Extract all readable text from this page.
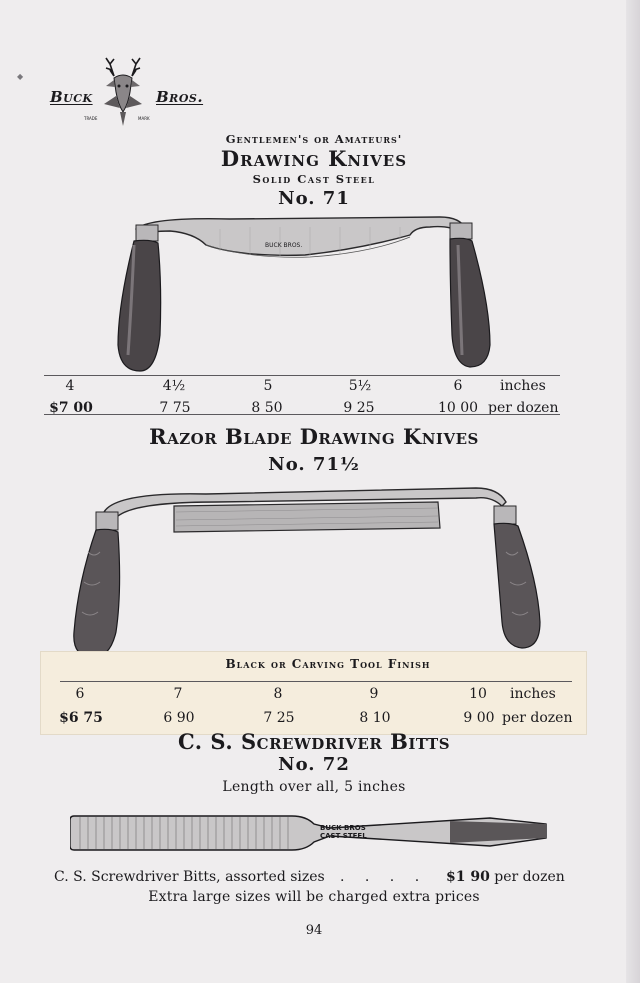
◆
Buck	Bros.
TRADE	MARK
Gentlemen's or Amateurs'
Drawing Knives
Solid Cast Steel
No. 71
BUCK BROS.
4	4½	5	5½	6	inches
$7 00	7 75	8 50	9 25	10 00 per dozen
Razor Blade Drawing Knives
No. 71½
Black or Carving Tool Finish
6	7	8	9	10	inches
$6 75	6 90	7 25	8 10	9 00 per dozen
C. S. Screwdriver Bitts
No. 72
Length over all, 5 inches
BUCK BROS
CAST STEEL
C. S. Screwdriver Bitts, assorted sizes . . . . $1 90 per dozen
Extra large sizes will be charged extra prices
94
